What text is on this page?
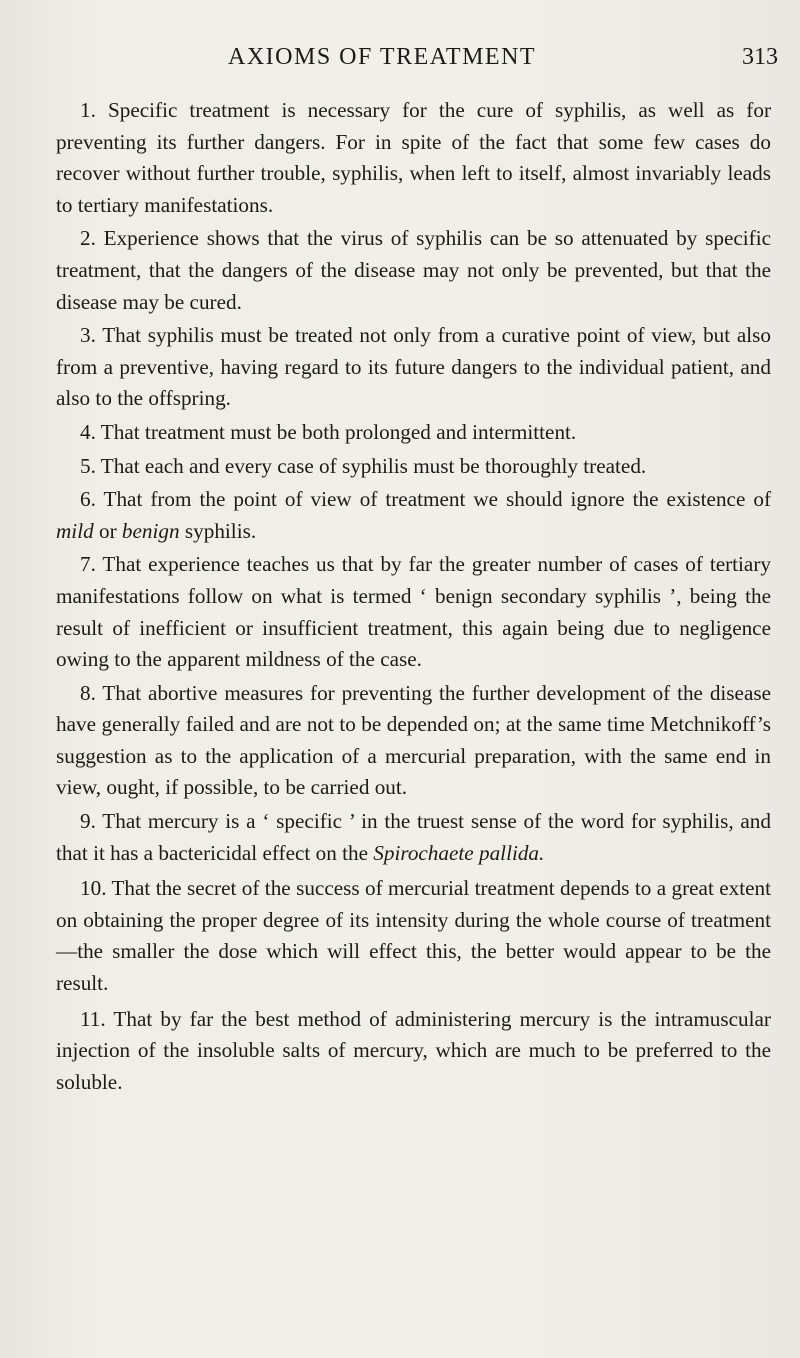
AXIOMS OF TREATMENT	313

1. Specific treatment is necessary for the cure of syphilis, as well as for preventing its further dangers. For in spite of the fact that some few cases do recover without further trouble, syphilis, when left to itself, almost invariably leads to tertiary manifestations.

2. Experience shows that the virus of syphilis can be so attenuated by specific treatment, that the dangers of the disease may not only be prevented, but that the disease may be cured.

3. That syphilis must be treated not only from a curative point of view, but also from a preventive, having regard to its future dangers to the individual patient, and also to the offspring.

4. That treatment must be both prolonged and intermittent.

5. That each and every case of syphilis must be thoroughly treated.

6. That from the point of view of treatment we should ignore the existence of mild or benign syphilis.

7. That experience teaches us that by far the greater number of cases of tertiary manifestations follow on what is termed ‘ benign secondary syphilis ’, being the result of inefficient or insufficient treatment, this again being due to negligence owing to the apparent mildness of the case.

8. That abortive measures for preventing the further development of the disease have generally failed and are not to be depended on; at the same time Metchnikoff’s suggestion as to the application of a mercurial preparation, with the same end in view, ought, if possible, to be carried out.

9. That mercury is a ‘ specific ’ in the truest sense of the word for syphilis, and that it has a bactericidal effect on the Spirochaete pallida.

10. That the secret of the success of mercurial treatment depends to a great extent on obtaining the proper degree of its intensity during the whole course of treatment—the smaller the dose which will effect this, the better would appear to be the result.

11. That by far the best method of administering mercury is the intramuscular injection of the insoluble salts of mercury, which are much to be preferred to the soluble.
